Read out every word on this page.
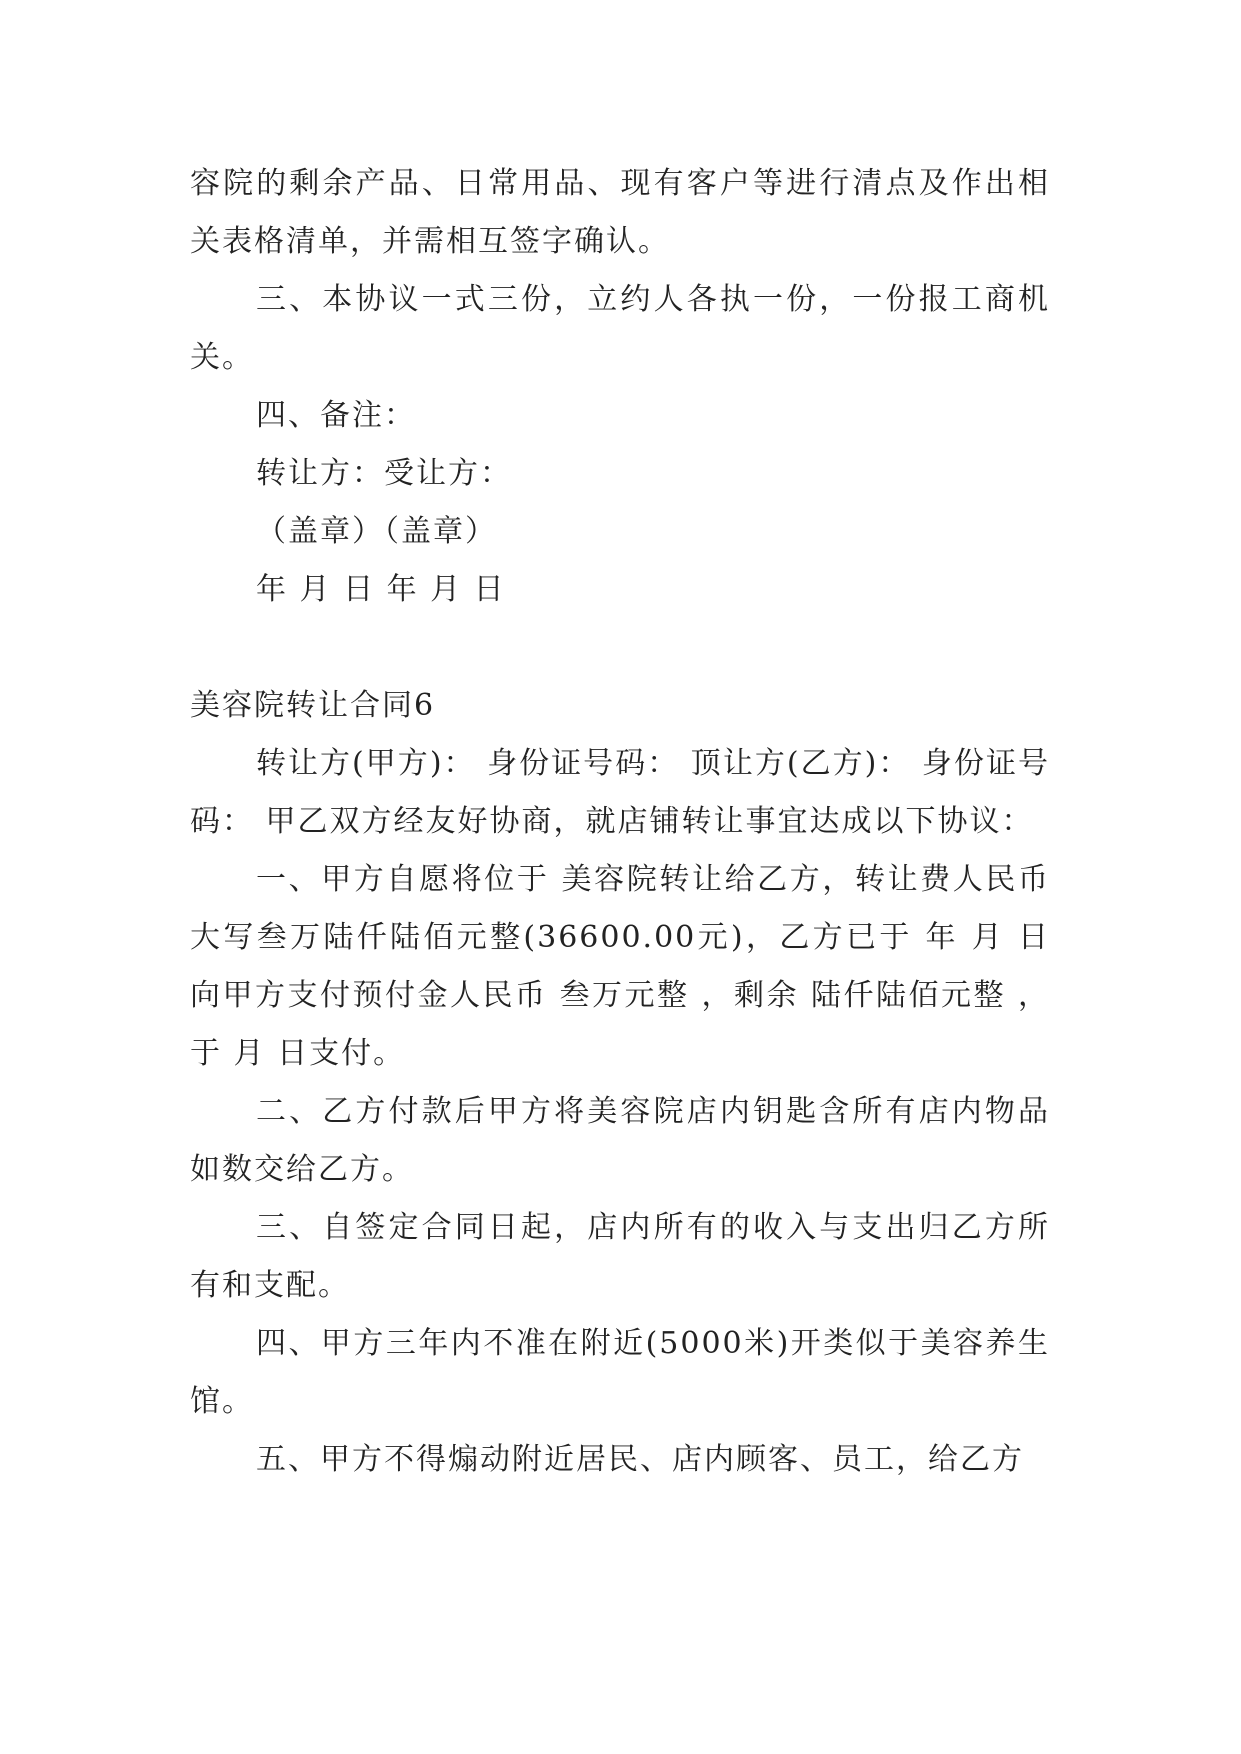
容院的剩余产品、日常用品、现有客户等进行清点及作出相关表格清单，并需相互签字确认。

三、本协议一式三份，立约人各执一份，一份报工商机关。

四、备注：

转让方：受让方：

（盖章）（盖章）

年 月 日 年 月 日

美容院转让合同6

转让方(甲方)： 身份证号码： 顶让方(乙方)： 身份证号码： 甲乙双方经友好协商，就店铺转让事宜达成以下协议：

一、甲方自愿将位于 美容院转让给乙方，转让费人民币大写叁万陆仟陆佰元整(36600.00元)，乙方已于 年 月 日向甲方支付预付金人民币 叁万元整 ，剩余 陆仟陆佰元整 ，于 月 日支付。

二、乙方付款后甲方将美容院店内钥匙含所有店内物品如数交给乙方。

三、自签定合同日起，店内所有的收入与支出归乙方所有和支配。

四、甲方三年内不准在附近(5000米)开类似于美容养生馆。

五、甲方不得煽动附近居民、店内顾客、员工，给乙方
